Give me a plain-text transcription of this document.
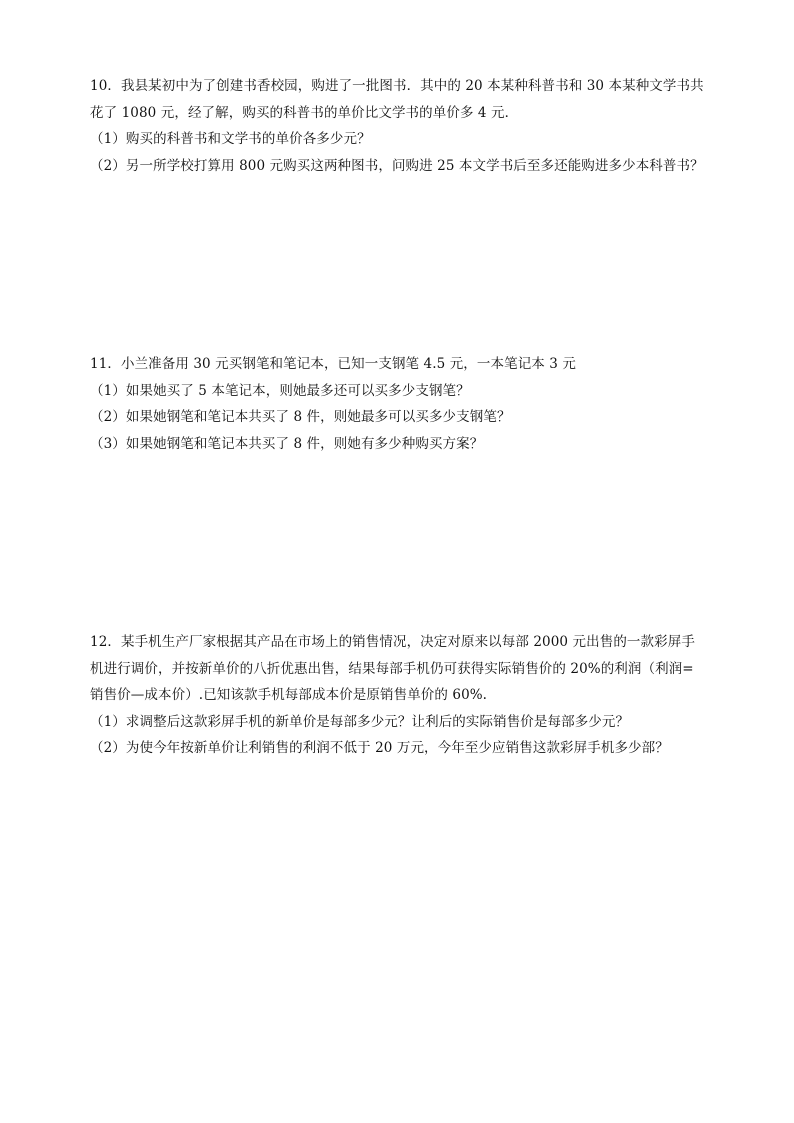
10．我县某初中为了创建书香校园，购进了一批图书．其中的 20 本某种科普书和 30 本某种文学书共
花了 1080 元，经了解，购买的科普书的单价比文学书的单价多 4 元．
（1）购买的科普书和文学书的单价各多少元？
（2）另一所学校打算用 800 元购买这两种图书，问购进 25 本文学书后至多还能购进多少本科普书？
11．小兰准备用 30 元买钢笔和笔记本，已知一支钢笔 4.5 元，一本笔记本 3 元
（1）如果她买了 5 本笔记本，则她最多还可以买多少支钢笔？
（2）如果她钢笔和笔记本共买了 8 件，则她最多可以买多少支钢笔？
（3）如果她钢笔和笔记本共买了 8 件，则她有多少种购买方案？
12．某手机生产厂家根据其产品在市场上的销售情况，决定对原来以每部 2000 元出售的一款彩屏手
机进行调价，并按新单价的八折优惠出售，结果每部手机仍可获得实际销售价的 20%的利润（利润=
销售价—成本价）.已知该款手机每部成本价是原销售单价的 60%.
（1）求调整后这款彩屏手机的新单价是每部多少元？让利后的实际销售价是每部多少元？
（2）为使今年按新单价让利销售的利润不低于 20 万元，今年至少应销售这款彩屏手机多少部？
